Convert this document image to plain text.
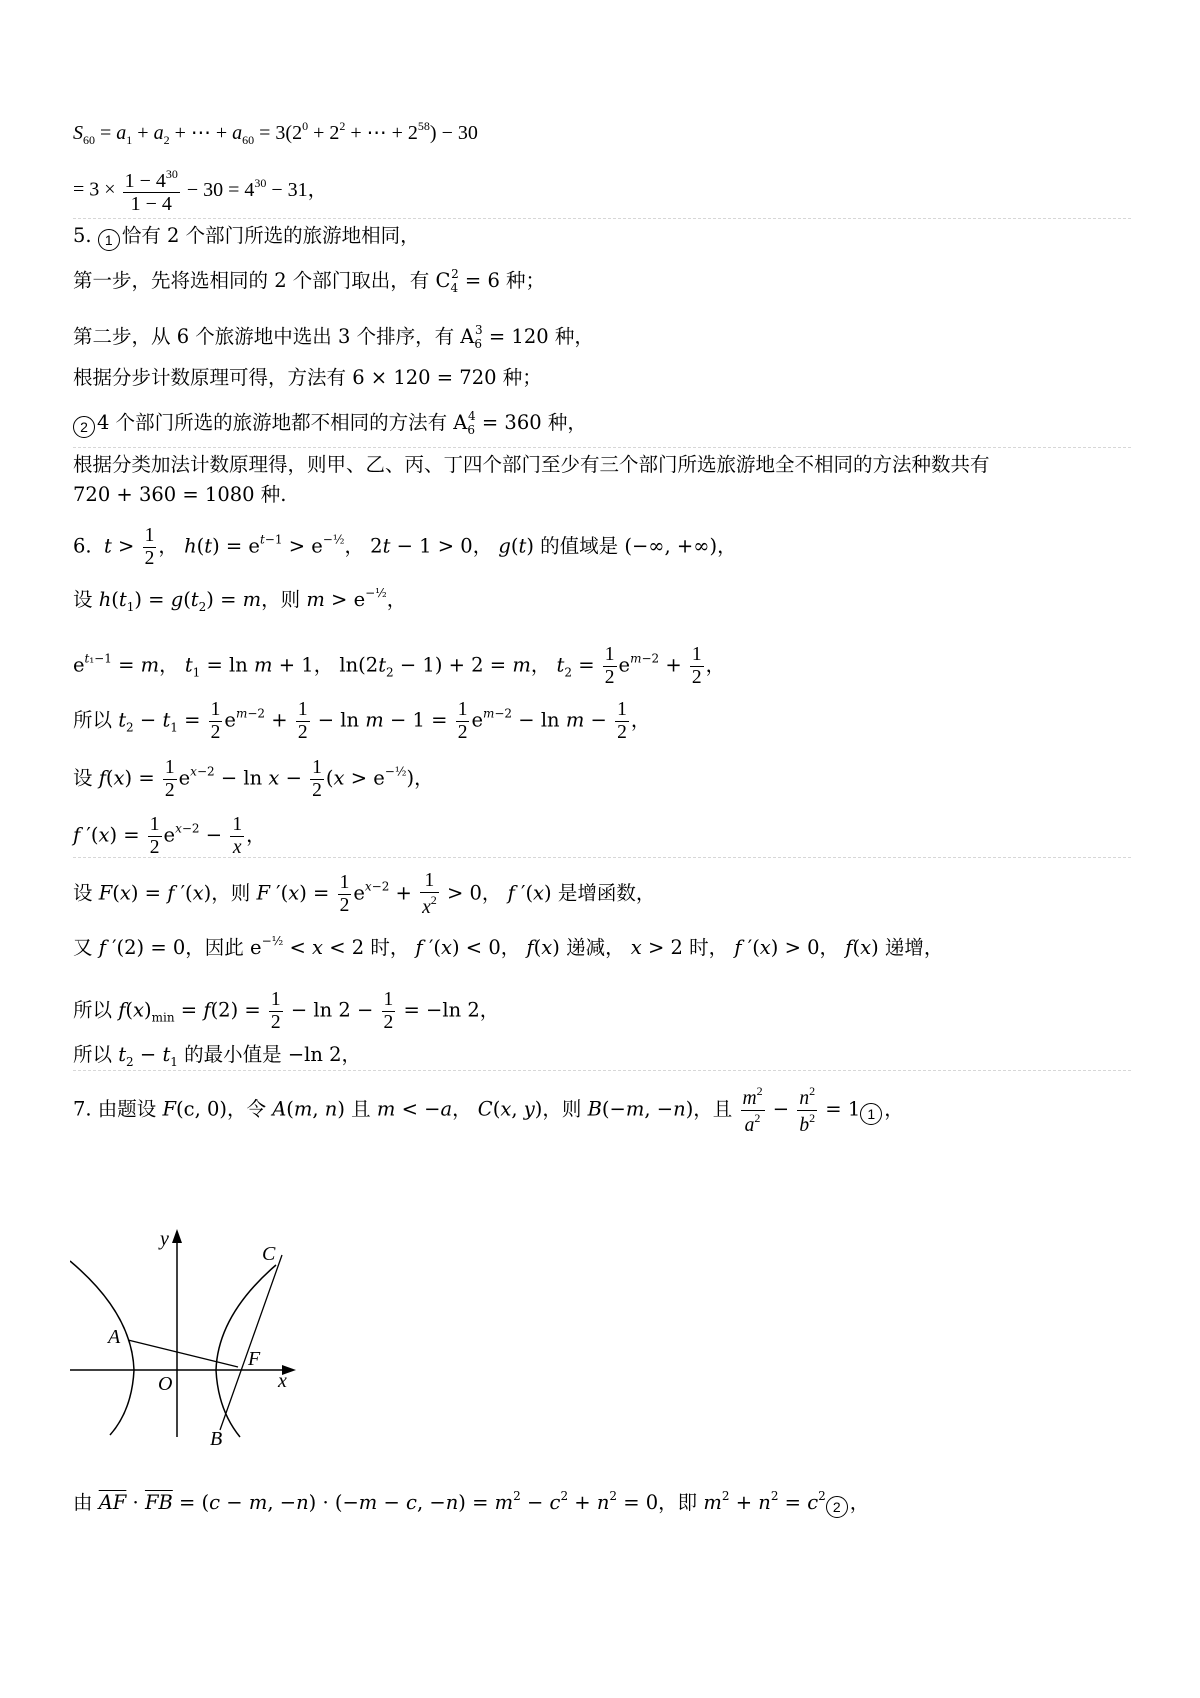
$S_{60} = a_1 + a_2$ + ⋯ + $a_{60} = 3(2^0 + 2^2$ + ⋯ + $2^{58}) - 30$
= $3 \times \frac{1 - 4^{30}}{1 - 4} - 30 = 4^{30} - 31$，
5. 1 恰有 2 个部门所选的旅游地相同，
第一步，先将选相同的 2 个部门取出，有 $C_4^2 = 6$ 种；
第二步，从 6 个旅游地中选出 3 个排序，有 $A_6^3 = 120$ 种，
根据分步计数原理可得，方法有 6 × 120 = 720 种；
2 4 个部门所选的旅游地都不相同的方法有 $A_6^4 = 360$ 种，
根据分类加法计数原理得，则甲、乙、丙、丁四个部门至少有三个部门所选旅游地全不相同的方法种数共有
720 + 360 = 1080 种.
6.  $t > \frac{1}{2}$ ， $h(t) = e^{t-1} > e^{-\frac{1}{2}}$， 2t − 1 > 0， g(t) 的值域是 (−∞, +∞)，
设 $h(t_1) = g(t_2) = m$，则 $m > e^{-\frac{1}{2}}$，
$e^{t_1-1} = m$， $t_1 = \ln m + 1$， $\ln(2t_2 - 1) + 2 = m$， $t_2 = \frac{1}{2} e^{m-2} + \frac{1}{2}$ ，
所以 $t_2 - t_1 = \frac{1}{2} e^{m-2} + \frac{1}{2} - \ln m - 1 = \frac{1}{2} e^{m-2} - \ln m - \frac{1}{2}$ ，
设 $f(x) = \frac{1}{2} e^{x-2} - \ln x - \frac{1}{2} (x > e^{-\frac{1}{2}})$，
f $'(x) = \frac{1}{2} e^{x-2} - \frac{1}{x}$ ，
设 F(x) = f ′(x)，则 F $'(x) = \frac{1}{2} e^{x-2} + \frac{1}{x^2} > 0$， f ′(x) 是增函数，
又 f ′(2) = 0，因此 $e^{-\frac{1}{2}} < x < 2$ 时， f ′(x) < 0， f(x) 递减， x > 2 时， f ′(x) > 0， f(x) 递增，
所以 $f(x)_{min} = f(2) = \frac{1}{2} - \ln 2 - \frac{1}{2} = -\ln$ 2，
所以 $t_2 - t_1$ 的最小值是 −ln 2，
7. 由题设 F(c, 0)，令 A(m, n) 且 m < −a， C(x, y)，则 B(−m, −n)，且 $\frac{m^2}{a^2} - \frac{n^2}{b^2} = 1$ 1 ，
y
x
O
A
B
C
F
由 $\overline{AF} \cdot \overline{FB} = (c - m$, −n) · (−m − c, $-n) = m^2 - c^2 + n^2 = 0$，即 $m^2 + n^2 = c^22$ ，
